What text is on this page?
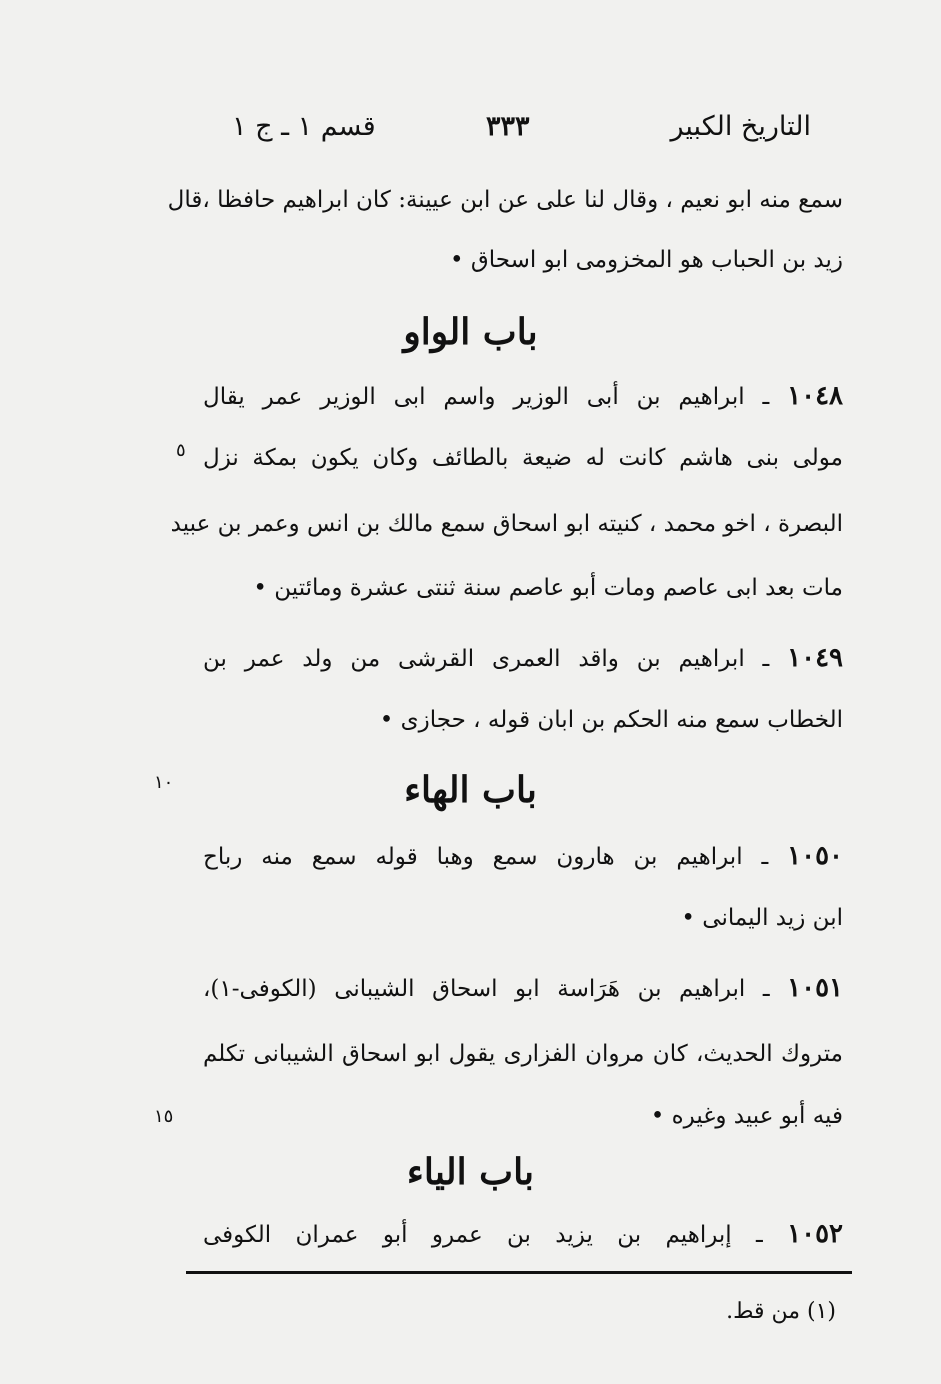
التاريخ الكبير
٣٣٣
قسم ١ ـ ج ١
سمع منه ابو نعيم ، وقال لنا على عن ابن عيينة: كان ابراهيم حافظا ،قال
زيد بن الحباب هو المخزومى ابو اسحاق •
باب الواو
١٠٤٨ ـ ابراهيم بن أبى الوزير واسم ابى الوزير عمر يقال
مولى بنى هاشم كانت له ضيعة بالطائف وكان يكون بمكة نزل
البصرة ، اخو محمد ، كنيته ابو اسحاق سمع مالك بن انس وعمر بن عبيد
مات بعد ابى عاصم ومات أبو عاصم سنة ثنتى عشرة ومائتين •
١٠٤٩ ـ ابراهيم بن واقد العمرى القرشى من ولد عمر بن
الخطاب سمع منه الحكم بن ابان قوله ، حجازى •
باب الهاء
١٠٥٠ ـ ابراهيم بن هارون سمع وهبا قوله سمع منه رباح
ابن زيد اليمانى •
١٠٥١ ـ ابراهيم بن هَرَاسة ابو اسحاق الشيبانى (الكوفى-١)،
متروك الحديث، كان مروان الفزارى يقول ابو اسحاق الشيبانى تكلم
فيه أبو عبيد وغيره •
باب الياء
١٠٥٢ ـ إبراهيم بن يزيد بن عمرو أبو عمران الكوفى
٥
١٠
١٥
(١) من قط.
